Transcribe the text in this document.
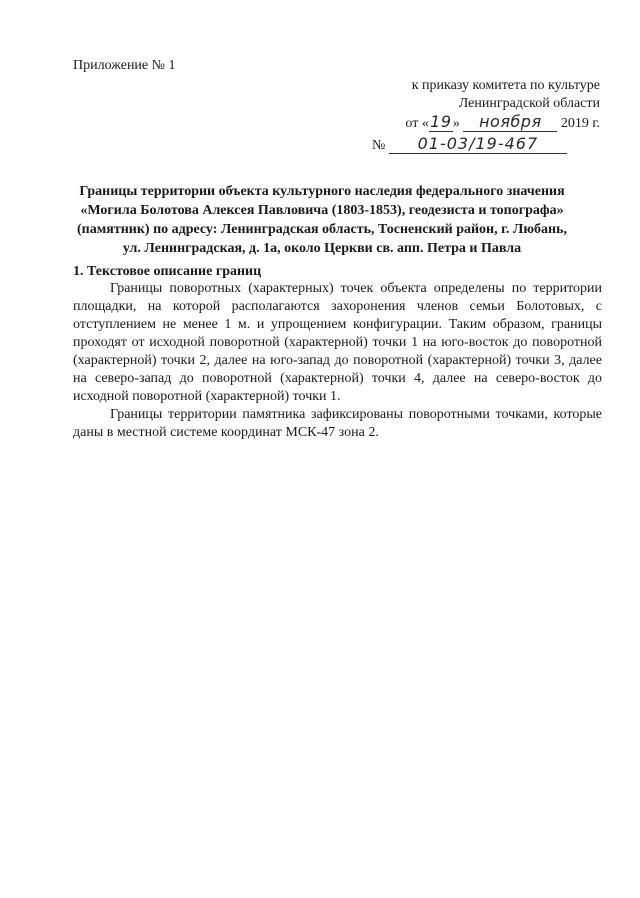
Приложение № 1
к приказу комитета по культуре
Ленинградской области
от «19» ноября 2019 г.
№ 01-03/19-467
Границы территории объекта культурного наследия федерального значения
«Могила Болотова Алексея Павловича (1803-1853), геодезиста и топографа»
(памятник) по адресу: Ленинградская область, Тосненский район, г. Любань,
ул. Ленинградская, д. 1а, около Церкви св. апп. Петра и Павла
1. Текстовое описание границ

Границы поворотных (характерных) точек объекта определены по территории площадки, на которой располагаются захоронения членов семьи Болотовых, с отступлением не менее 1 м. и упрощением конфигурации. Таким образом, границы проходят от исходной поворотной (характерной) точки 1 на юго-восток до поворотной (характерной) точки 2, далее на юго-запад до поворотной (характерной) точки 3, далее на северо-запад до поворотной (характерной) точки 4, далее на северо-восток до исходной поворотной (характерной) точки 1.

Границы территории памятника зафиксированы поворотными точками, которые даны в местной системе координат МСК-47 зона 2.
